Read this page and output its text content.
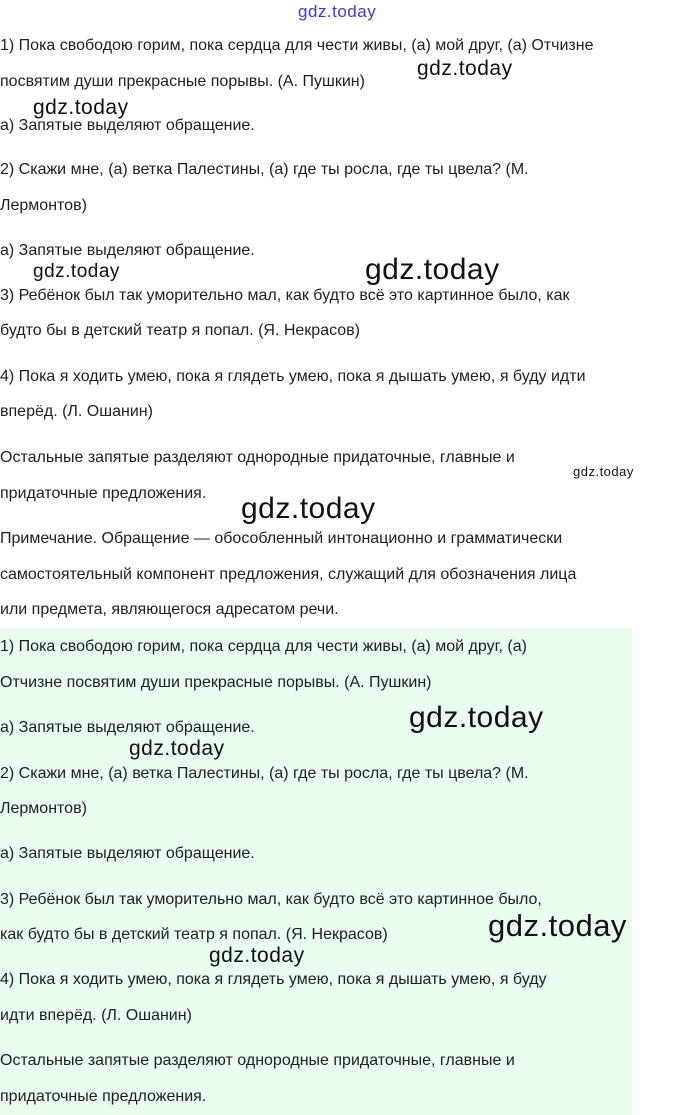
1) Пока свободою горим, пока сердца для чести живы, (а) мой друг, (а) Отчизне
посвятим души прекрасные порывы. (А. Пушкин)
а) Запятые выделяют обращение.
2) Скажи мне, (а) ветка Палестины, (а) где ты росла, где ты цвела? (М.
Лермонтов)
а) Запятые выделяют обращение.
3) Ребёнок был так уморительно мал, как будто всё это картинное было, как
будто бы в детский театр я попал. (Я. Некрасов)
4) Пока я ходить умею, пока я глядеть умею, пока я дышать умею, я буду идти
вперёд. (Л. Ошанин)
Остальные запятые разделяют однородные придаточные, главные и
придаточные предложения.
Примечание. Обращение — обособленный интонационно и грамматически
самостоятельный компонент предложения, служащий для обозначения лица
или предмета, являющегося адресатом речи.
1) Пока свободою горим, пока сердца для чести живы, (а) мой друг, (а)
Отчизне посвятим души прекрасные порывы. (А. Пушкин)
а) Запятые выделяют обращение.
2) Скажи мне, (а) ветка Палестины, (а) где ты росла, где ты цвела? (М.
Лермонтов)
а) Запятые выделяют обращение.
3) Ребёнок был так уморительно мал, как будто всё это картинное было,
как будто бы в детский театр я попал. (Я. Некрасов)
4) Пока я ходить умею, пока я глядеть умею, пока я дышать умею, я буду
идти вперёд. (Л. Ошанин)
Остальные запятые разделяют однородные придаточные, главные и
придаточные предложения.
gdz.today
gdz.today
gdz.today
gdz.today	gdz.today
gdz.today
gdz.today
gdz.today
gdz.today
gdz.today
gdz.today
